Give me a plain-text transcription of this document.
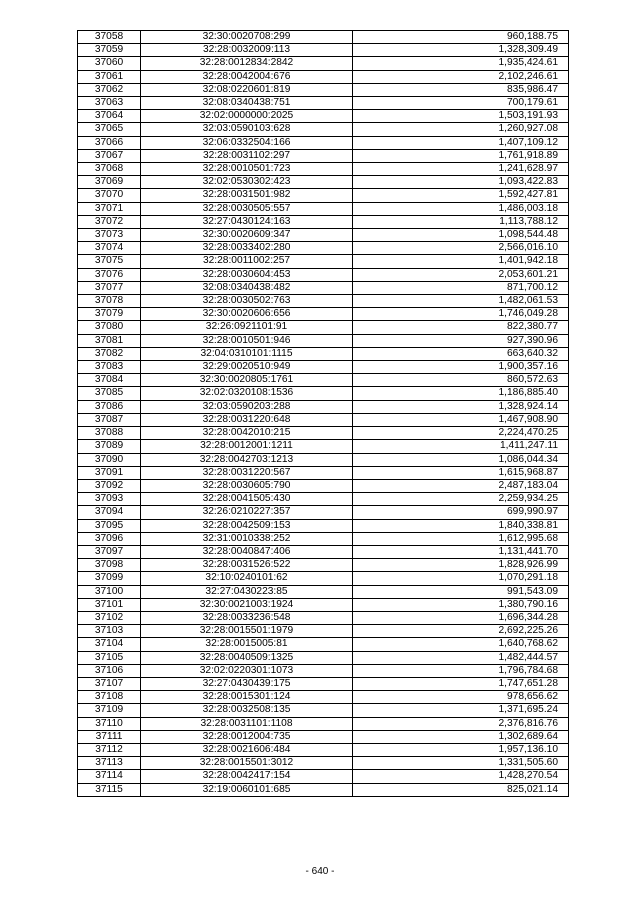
37058	32:30:0020708:299	960,188.75
37059	32:28:0032009:113	1,328,309.49
37060	32:28:0012834:2842	1,935,424.61
37061	32:28:0042004:676	2,102,246.61
37062	32:08:0220601:819	835,986.47
37063	32:08:0340438:751	700,179.61
37064	32:02:0000000:2025	1,503,191.93
37065	32:03:0590103:628	1,260,927.08
37066	32:06:0332504:166	1,407,109.12
37067	32:28:0031102:297	1,761,918.89
37068	32:28:0010501:723	1,241,628.97
37069	32:02:0530302:423	1,093,422.83
37070	32:28:0031501:982	1,592,427.81
37071	32:28:0030505:557	1,486,003.18
37072	32:27:0430124:163	1,113,788.12
37073	32:30:0020609:347	1,098,544.48
37074	32:28:0033402:280	2,566,016.10
37075	32:28:0011002:257	1,401,942.18
37076	32:28:0030604:453	2,053,601.21
37077	32:08:0340438:482	871,700.12
37078	32:28:0030502:763	1,482,061.53
37079	32:30:0020606:656	1,746,049.28
37080	32:26:0921101:91	822,380.77
37081	32:28:0010501:946	927,390.96
37082	32:04:0310101:1115	663,640.32
37083	32:29:0020510:949	1,900,357.16
37084	32:30:0020805:1761	860,572.63
37085	32:02:0320108:1536	1,186,885.40
37086	32:03:0590203:288	1,328,924.14
37087	32:28:0031220:648	1,467,908.90
37088	32:28:0042010:215	2,224,470.25
37089	32:28:0012001:1211	1,411,247.11
37090	32:28:0042703:1213	1,086,044.34
37091	32:28:0031220:567	1,615,968.87
37092	32:28:0030605:790	2,487,183.04
37093	32:28:0041505:430	2,259,934.25
37094	32:26:0210227:357	699,990.97
37095	32:28:0042509:153	1,840,338.81
37096	32:31:0010338:252	1,612,995.68
37097	32:28:0040847:406	1,131,441.70
37098	32:28:0031526:522	1,828,926.99
37099	32:10:0240101:62	1,070,291.18
37100	32:27:0430223:85	991,543.09
37101	32:30:0021003:1924	1,380,790.16
37102	32:28:0033236:548	1,696,344.28
37103	32:28:0015501:1979	2,692,225.26
37104	32:28:0015005:81	1,640,768.62
37105	32:28:0040509:1325	1,482,444.57
37106	32:02:0220301:1073	1,796,784.68
37107	32:27:0430439:175	1,747,651.28
37108	32:28:0015301:124	978,656.62
37109	32:28:0032508:135	1,371,695.24
37110	32:28:0031101:1108	2,376,816.76
37111	32:28:0012004:735	1,302,689.64
37112	32:28:0021606:484	1,957,136.10
37113	32:28:0015501:3012	1,331,505.60
37114	32:28:0042417:154	1,428,270.54
37115	32:19:0060101:685	825,021.14
- 640 -
